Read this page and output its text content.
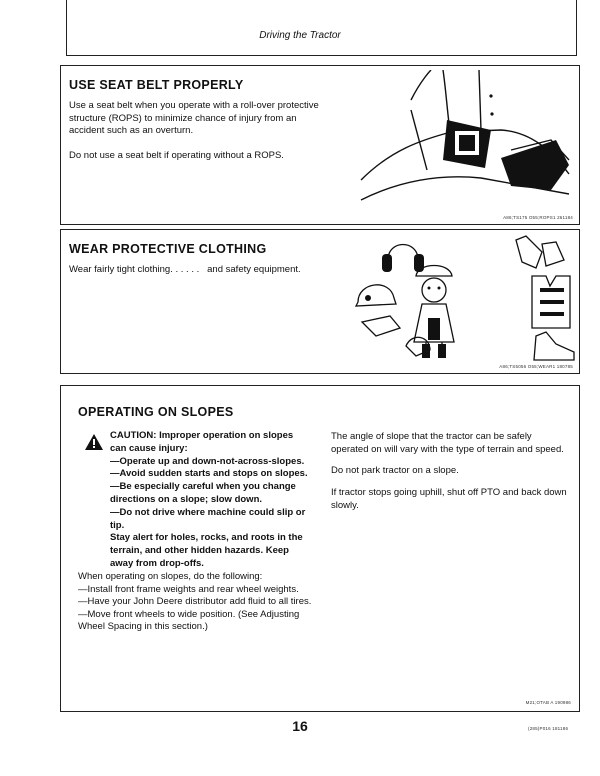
Driving the Tractor
USE SEAT BELT PROPERLY

Use a seat belt when you operate with a roll-over protective structure (ROPS) to minimize chance of injury from an accident such as an overturn.

Do not use a seat belt if operating without a ROPS.

A86;TS175 O55;ROPS1 261184
WEAR PROTECTIVE CLOTHING

Wear fairly tight clothing. . . . . .   and safety equipment.

A86;TS5056 O55;WEAR1 180785
OPERATING ON SLOPES
CAUTION: Improper operation on slopes
can cause injury:
—Operate up and down-not-across-slopes.
—Avoid sudden starts and stops on slopes.
—Be especially careful when you change
directions on a slope; slow down.
—Do not drive where machine could slip or
tip.
Stay alert for holes, rocks, and roots in the
terrain, and other hidden hazards. Keep
away from drop-offs.
When operating on slopes, do the following:
—Install front frame weights and rear wheel weights.
—Have your John Deere distributor add fluid to all tires.
—Move front wheels to wide position. (See Adjusting
Wheel Spacing in this section.)

The angle of slope that the tractor can be safely operated on will vary with the type of terrain and speed.

Do not park tractor on a slope.

If tractor stops going uphill, shut off PTO and back down slowly.

M21;OTAB A 190986
16	(285)P016 181186
